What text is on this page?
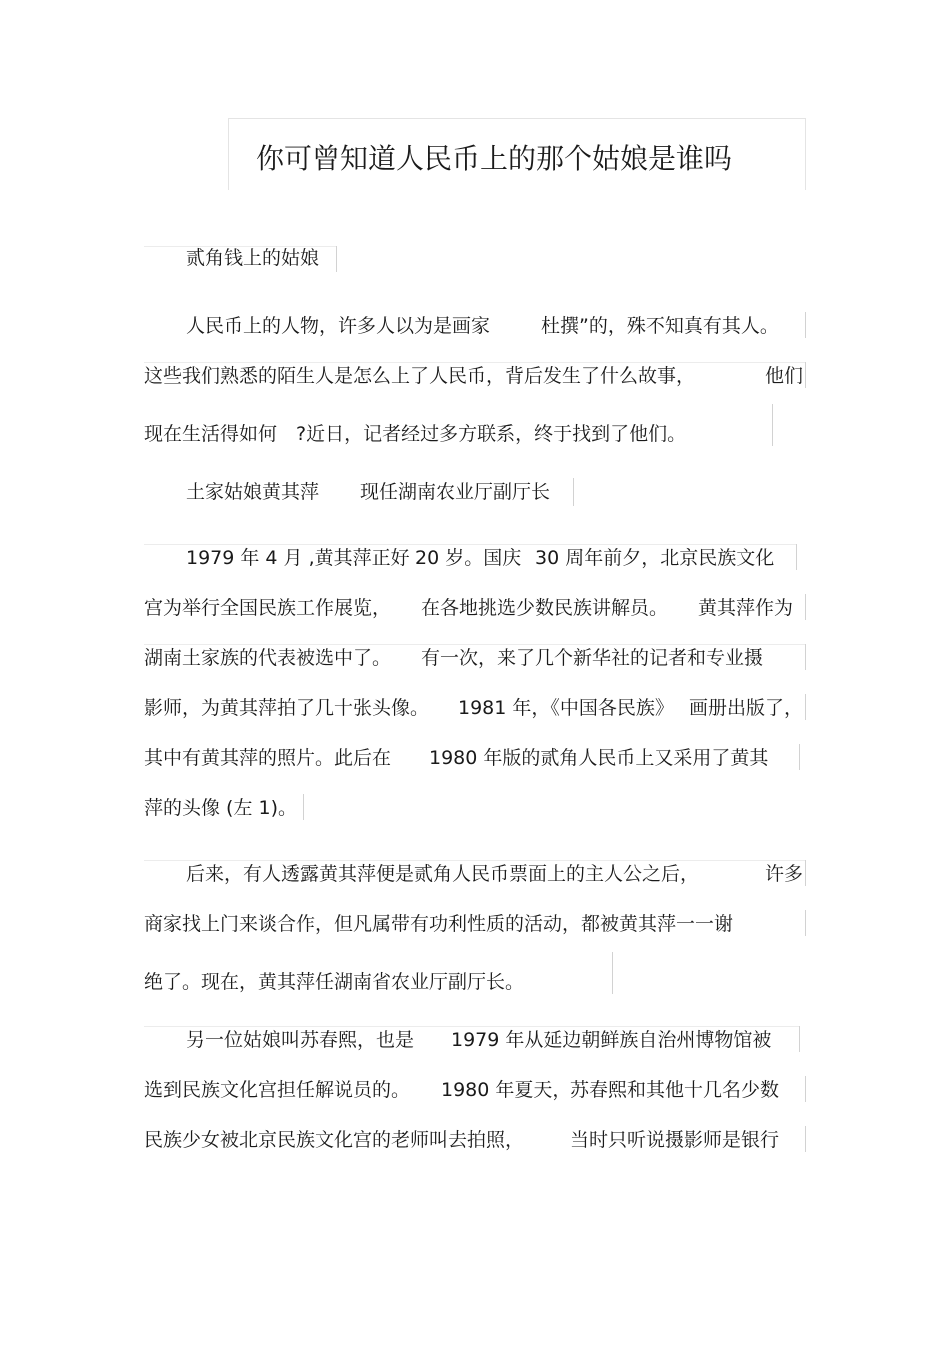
你可曾知道人民币上的那个姑娘是谁吗
贰角钱上的姑娘
人民币上的人物，许多人以为是画家	杜撰”的，殊不知真有其人。
这些我们熟悉的陌生人是怎么上了人民币，背后发生了什么故事，	他们
现在生活得如何 ?近日，记者经过多方联系，终于找到了他们。
土家姑娘黄其萍 现任湖南农业厅副厅长
1979 年 4 月 ,黄其萍正好 20 岁。国庆 30 周年前夕，北京民族文化
宫为举行全国民族工作展览， 在各地挑选少数民族讲解员。 黄其萍作为
湖南土家族的代表被选中了。 有一次，来了几个新华社的记者和专业摄
影师，为黄其萍拍了几十张头像。 1981 年，《中国各民族》 画册出版了，
其中有黄其萍的照片。此后在 1980 年版的贰角人民币上又采用了黄其
萍的头像 (左 1)。
后来，有人透露黄其萍便是贰角人民币票面上的主人公之后，	许多
商家找上门来谈合作，但凡属带有功利性质的活动，都被黄其萍一一谢
绝了。现在，黄其萍任湖南省农业厅副厅长。
另一位姑娘叫苏春熙，也是 1979 年从延边朝鲜族自治州博物馆被
选到民族文化宫担任解说员的。 1980 年夏天，
苏春熙和其他十几名少数
民族少女被北京民族文化宫的老师叫去拍照， 当时只听说摄影师是银行
